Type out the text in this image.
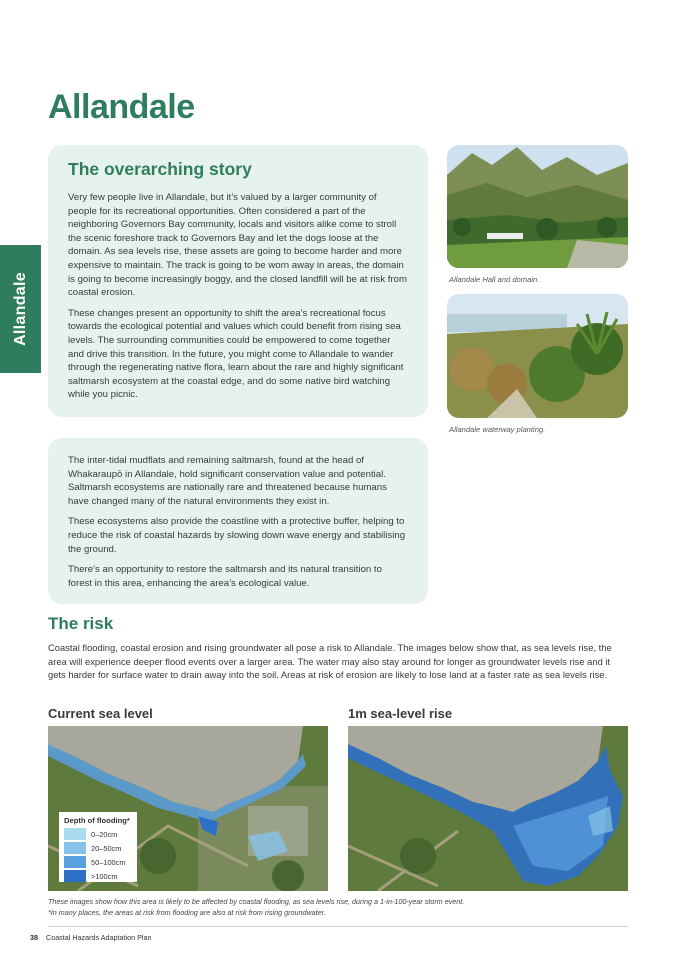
Allandale
Allandale
The overarching story

Very few people live in Allandale, but it’s valued by a larger community of people for its recreational opportunities. Often considered a part of the neighboring Governors Bay community, locals and visitors alike come to stroll the scenic foreshore track to Governors Bay and let the dogs loose at the domain. As sea levels rise, these assets are going to become harder and more expensive to maintain. The track is going to be worn away in areas, the domain is going to become increasingly boggy, and the closed landfill will be at risk from coastal erosion.

These changes present an opportunity to shift the area’s recreational focus towards the ecological potential and values which could benefit from rising sea levels. The surrounding communities could be empowered to come together and drive this transition. In the future, you might come to Allandale to wander through the regenerating native flora, learn about the rare and highly significant saltmarsh ecosystem at the coastal edge, and do some native bird watching while you picnic.

The inter-tidal mudflats and remaining saltmarsh, found at the head of Whakaraupō in Allandale, hold significant conservation value and potential. Saltmarsh ecosystems are nationally rare and threatened because humans have changed many of the natural environments they exist in.

These ecosystems also provide the coastline with a protective buffer, helping to reduce the risk of coastal hazards by slowing down wave energy and stabilising the ground.

There’s an opportunity to restore the saltmarsh and its natural transition to forest in this area, enhancing the area’s ecological value.

Allandale Hall and domain.
Allandale waterway planting.
The risk

Coastal flooding, coastal erosion and rising groundwater all pose a risk to Allandale. The images below show that, as sea levels rise, the area will experience deeper flood events over a larger area. The water may also stay around for longer as groundwater levels rise and it gets harder for surface water to drain away into the soil. Areas at risk of erosion are likely to lose land at a faster rate as sea levels rise.

Current sea level	1m sea-level rise
Depth of flooding*
0–20cm
20–50cm
50–100cm
>100cm
These images show how this area is likely to be affected by coastal flooding, as sea levels rise, during a 1-in-100-year storm event.
*In many places, the areas at risk from flooding are also at risk from rising groundwater.
38 Coastal Hazards Adaptation Plan
